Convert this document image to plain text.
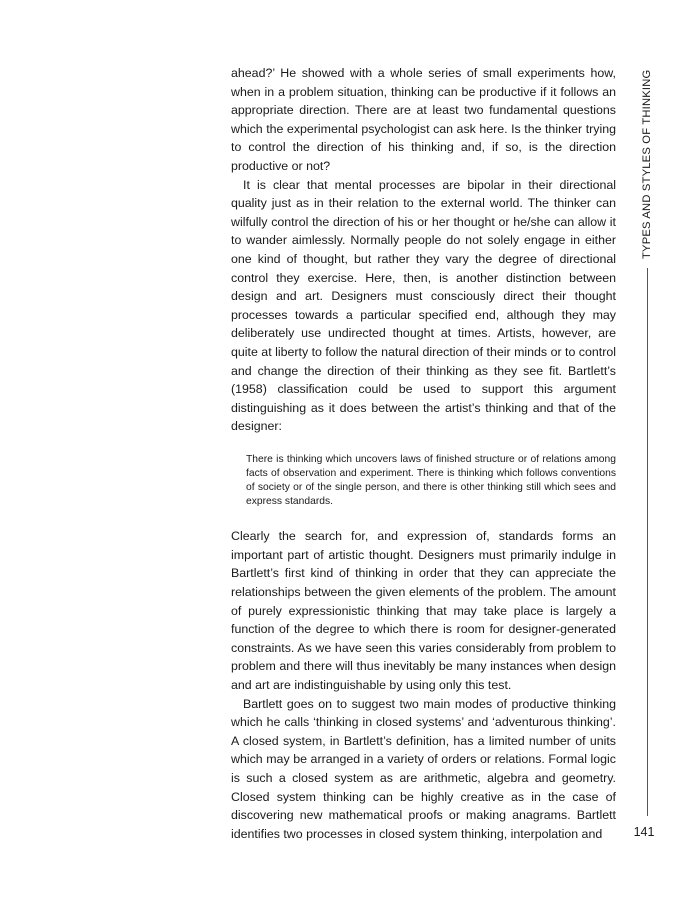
ahead?’ He showed with a whole series of small experiments how, when in a problem situation, thinking can be productive if it follows an appropriate direction. There are at least two fundamental questions which the experimental psychologist can ask here. Is the thinker trying to control the direction of his thinking and, if so, is the direction productive or not?

It is clear that mental processes are bipolar in their directional quality just as in their relation to the external world. The thinker can wilfully control the direction of his or her thought or he/she can allow it to wander aimlessly. Normally people do not solely engage in either one kind of thought, but rather they vary the degree of directional control they exercise. Here, then, is another distinction between design and art. Designers must consciously direct their thought processes towards a particular specified end, although they may deliberately use undirected thought at times. Artists, however, are quite at liberty to follow the natural direction of their minds or to control and change the direction of their thinking as they see fit. Bartlett’s (1958) classification could be used to support this argument distinguishing as it does between the artist’s thinking and that of the designer:

There is thinking which uncovers laws of finished structure or of relations among facts of observation and experiment. There is thinking which follows conventions of society or of the single person, and there is other thinking still which sees and express standards.

Clearly the search for, and expression of, standards forms an important part of artistic thought. Designers must primarily indulge in Bartlett’s first kind of thinking in order that they can appreciate the relationships between the given elements of the problem. The amount of purely expressionistic thinking that may take place is largely a function of the degree to which there is room for designer-generated constraints. As we have seen this varies considerably from problem to problem and there will thus inevitably be many instances when design and art are indistinguishable by using only this test.

Bartlett goes on to suggest two main modes of productive thinking which he calls ‘thinking in closed systems’ and ‘adventurous thinking’. A closed system, in Bartlett’s definition, has a limited number of units which may be arranged in a variety of orders or relations. Formal logic is such a closed system as are arithmetic, algebra and geometry. Closed system thinking can be highly creative as in the case of discovering new mathematical proofs or making anagrams. Bartlett identifies two processes in closed system thinking, interpolation and

TYPES AND STYLES OF THINKING
141
